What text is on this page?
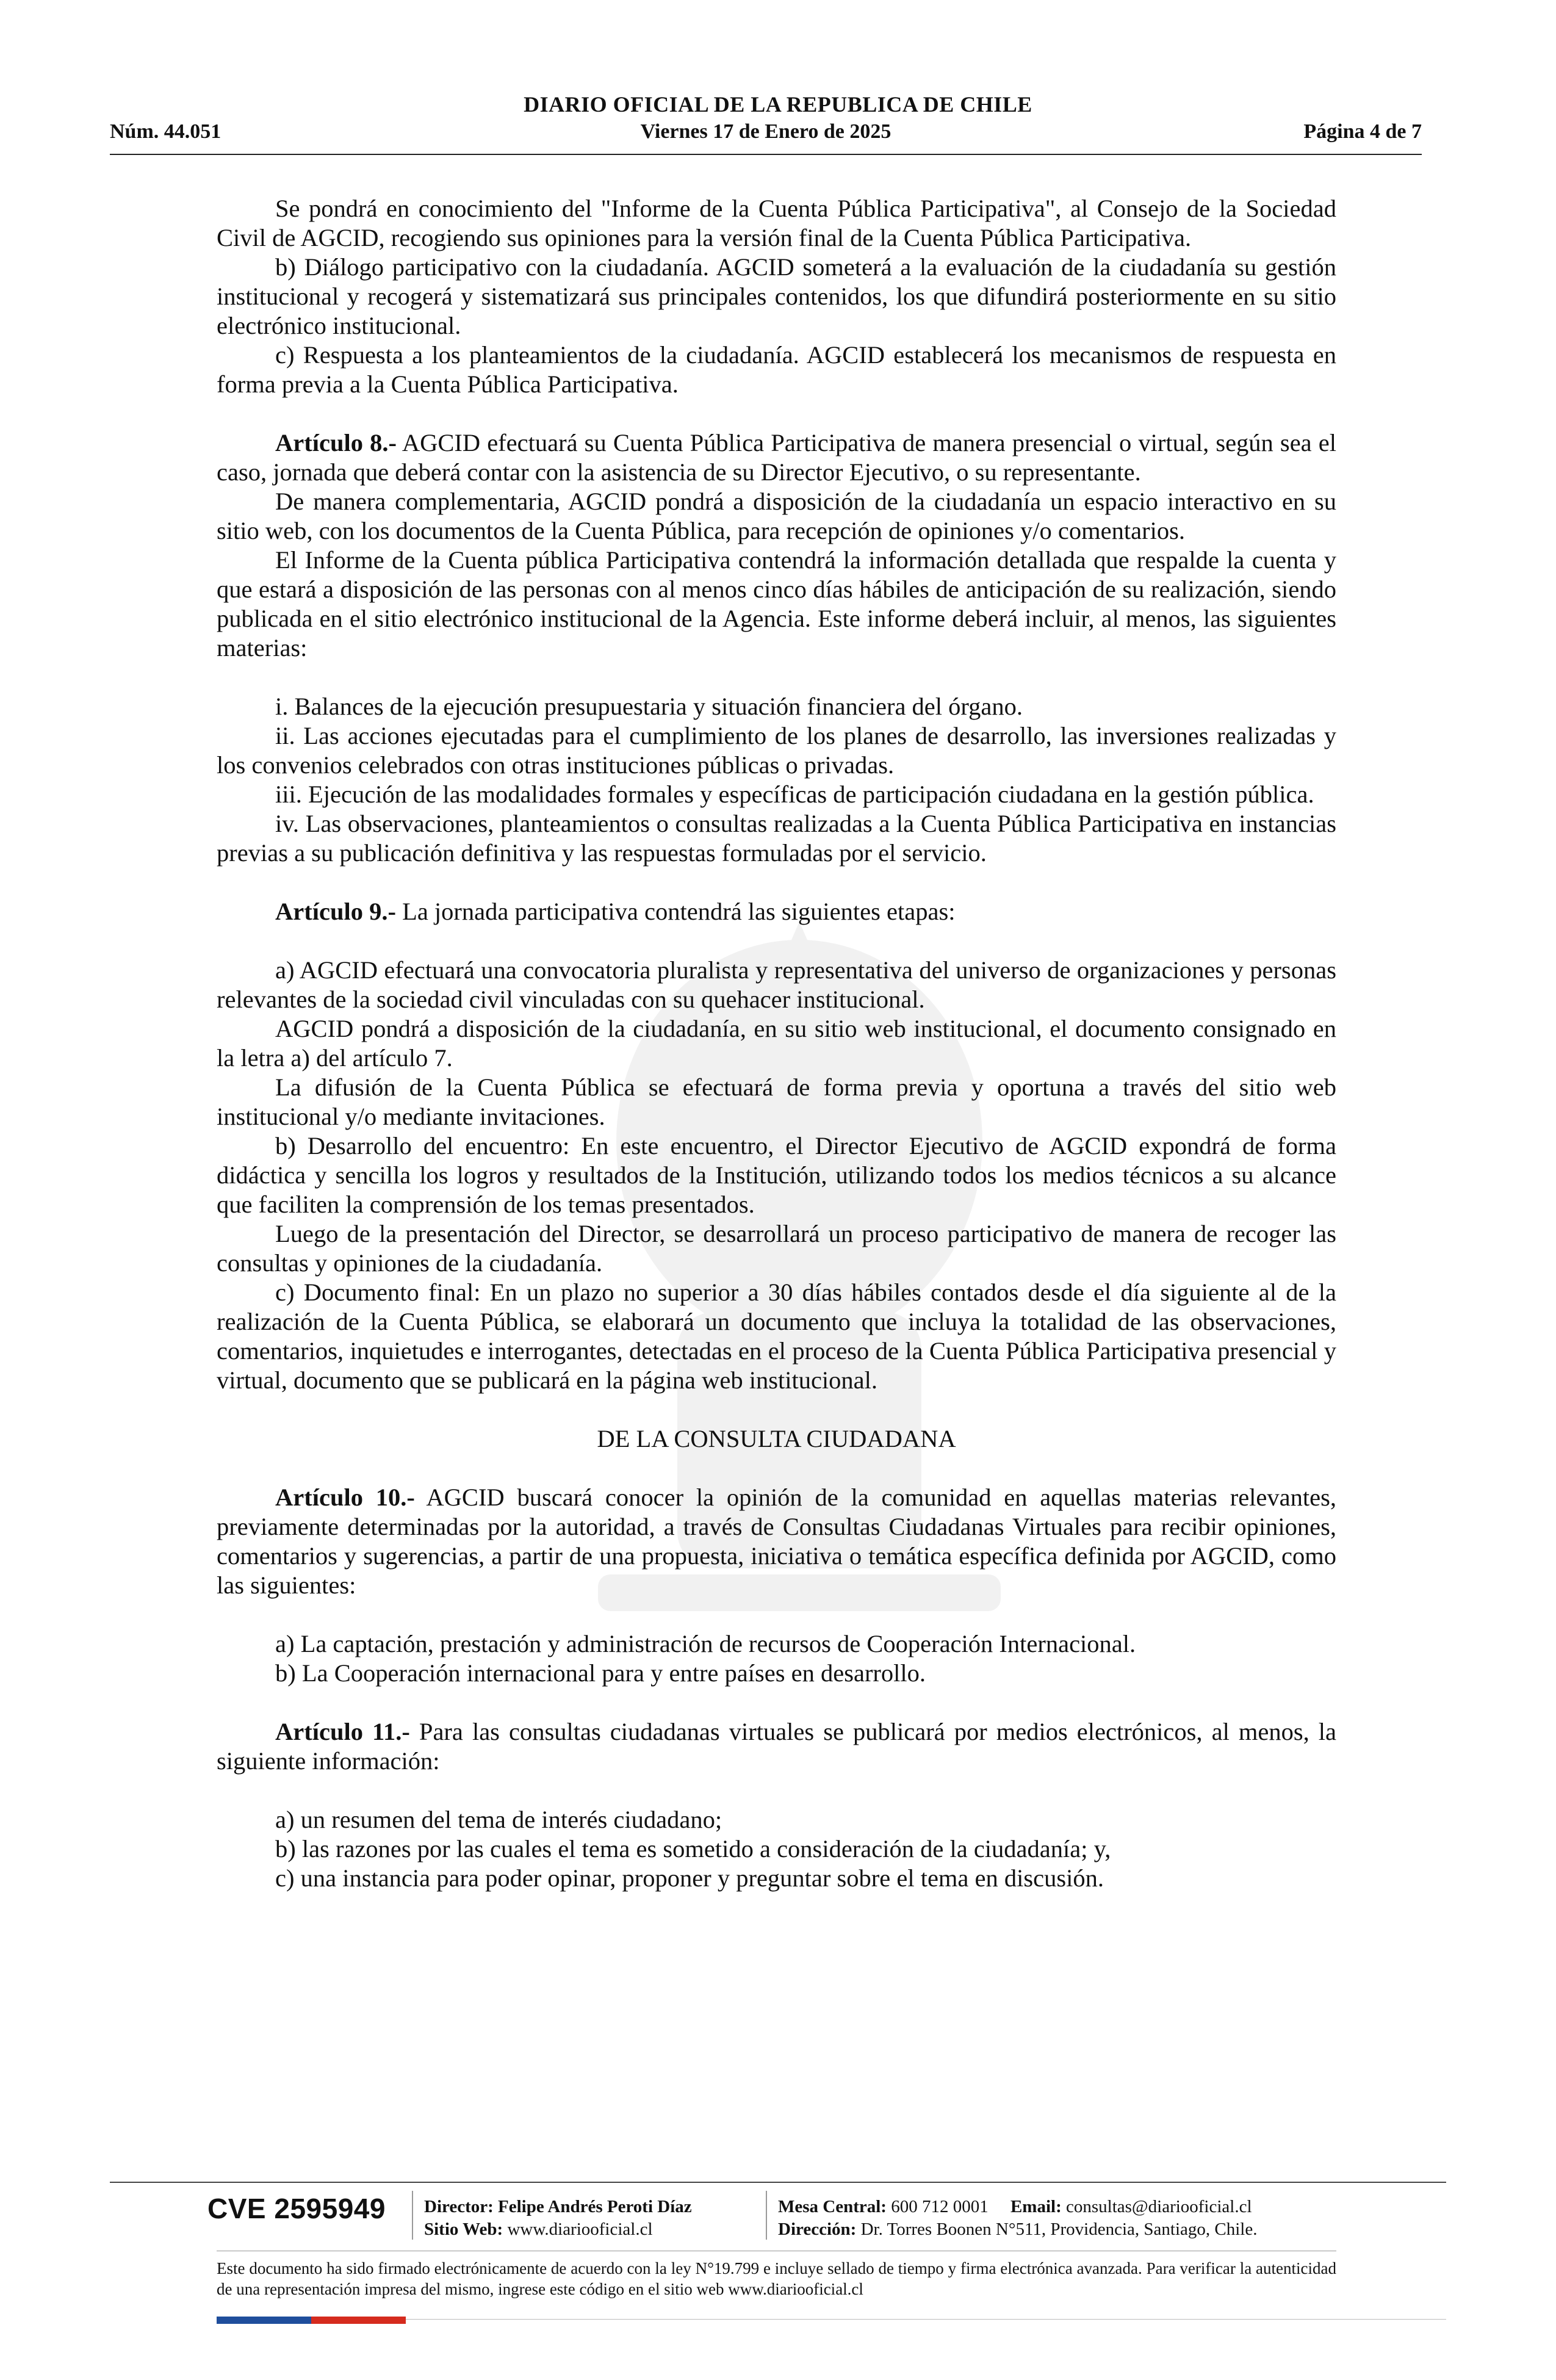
DIARIO OFICIAL DE LA REPUBLICA DE CHILE
Viernes 17 de Enero de 2025
Núm. 44.051	Página 4 de 7

Se pondrá en conocimiento del "Informe de la Cuenta Pública Participativa", al Consejo de la Sociedad Civil de AGCID, recogiendo sus opiniones para la versión final de la Cuenta Pública Participativa.

b) Diálogo participativo con la ciudadanía. AGCID someterá a la evaluación de la ciudadanía su gestión institucional y recogerá y sistematizará sus principales contenidos, los que difundirá posteriormente en su sitio electrónico institucional.

c) Respuesta a los planteamientos de la ciudadanía. AGCID establecerá los mecanismos de respuesta en forma previa a la Cuenta Pública Participativa.

Artículo 8.- AGCID efectuará su Cuenta Pública Participativa de manera presencial o virtual, según sea el caso, jornada que deberá contar con la asistencia de su Director Ejecutivo, o su representante.

De manera complementaria, AGCID pondrá a disposición de la ciudadanía un espacio interactivo en su sitio web, con los documentos de la Cuenta Pública, para recepción de opiniones y/o comentarios.

El Informe de la Cuenta pública Participativa contendrá la información detallada que respalde la cuenta y que estará a disposición de las personas con al menos cinco días hábiles de anticipación de su realización, siendo publicada en el sitio electrónico institucional de la Agencia. Este informe deberá incluir, al menos, las siguientes materias:

i. Balances de la ejecución presupuestaria y situación financiera del órgano.

ii. Las acciones ejecutadas para el cumplimiento de los planes de desarrollo, las inversiones realizadas y los convenios celebrados con otras instituciones públicas o privadas.

iii. Ejecución de las modalidades formales y específicas de participación ciudadana en la gestión pública.

iv. Las observaciones, planteamientos o consultas realizadas a la Cuenta Pública Participativa en instancias previas a su publicación definitiva y las respuestas formuladas por el servicio.

Artículo 9.- La jornada participativa contendrá las siguientes etapas:

a) AGCID efectuará una convocatoria pluralista y representativa del universo de organizaciones y personas relevantes de la sociedad civil vinculadas con su quehacer institucional.

AGCID pondrá a disposición de la ciudadanía, en su sitio web institucional, el documento consignado en la letra a) del artículo 7.

La difusión de la Cuenta Pública se efectuará de forma previa y oportuna a través del sitio web institucional y/o mediante invitaciones.

b) Desarrollo del encuentro: En este encuentro, el Director Ejecutivo de AGCID expondrá de forma didáctica y sencilla los logros y resultados de la Institución, utilizando todos los medios técnicos a su alcance que faciliten la comprensión de los temas presentados.

Luego de la presentación del Director, se desarrollará un proceso participativo de manera de recoger las consultas y opiniones de la ciudadanía.

c) Documento final: En un plazo no superior a 30 días hábiles contados desde el día siguiente al de la realización de la Cuenta Pública, se elaborará un documento que incluya la totalidad de las observaciones, comentarios, inquietudes e interrogantes, detectadas en el proceso de la Cuenta Pública Participativa presencial y virtual, documento que se publicará en la página web institucional.

DE LA CONSULTA CIUDADANA

Artículo 10.- AGCID buscará conocer la opinión de la comunidad en aquellas materias relevantes, previamente determinadas por la autoridad, a través de Consultas Ciudadanas Virtuales para recibir opiniones, comentarios y sugerencias, a partir de una propuesta, iniciativa o temática específica definida por AGCID, como las siguientes:

a) La captación, prestación y administración de recursos de Cooperación Internacional.

b) La Cooperación internacional para y entre países en desarrollo.

Artículo 11.- Para las consultas ciudadanas virtuales se publicará por medios electrónicos, al menos, la siguiente información:

a) un resumen del tema de interés ciudadano;

b) las razones por las cuales el tema es sometido a consideración de la ciudadanía; y,

c) una instancia para poder opinar, proponer y preguntar sobre el tema en discusión.

CVE 2595949 Director: Felipe Andrés Peroti Díaz
Sitio Web: www.diariooficial.cl
Mesa Central: 600 712 0001 Email: consultas@diariooficial.cl
Dirección: Dr. Torres Boonen N°511, Providencia, Santiago, Chile.
Este documento ha sido firmado electrónicamente de acuerdo con la ley N°19.799 e incluye sellado de tiempo y firma electrónica avanzada. Para verificar la autenticidad de una representación impresa del mismo, ingrese este código en el sitio web www.diariooficial.cl
